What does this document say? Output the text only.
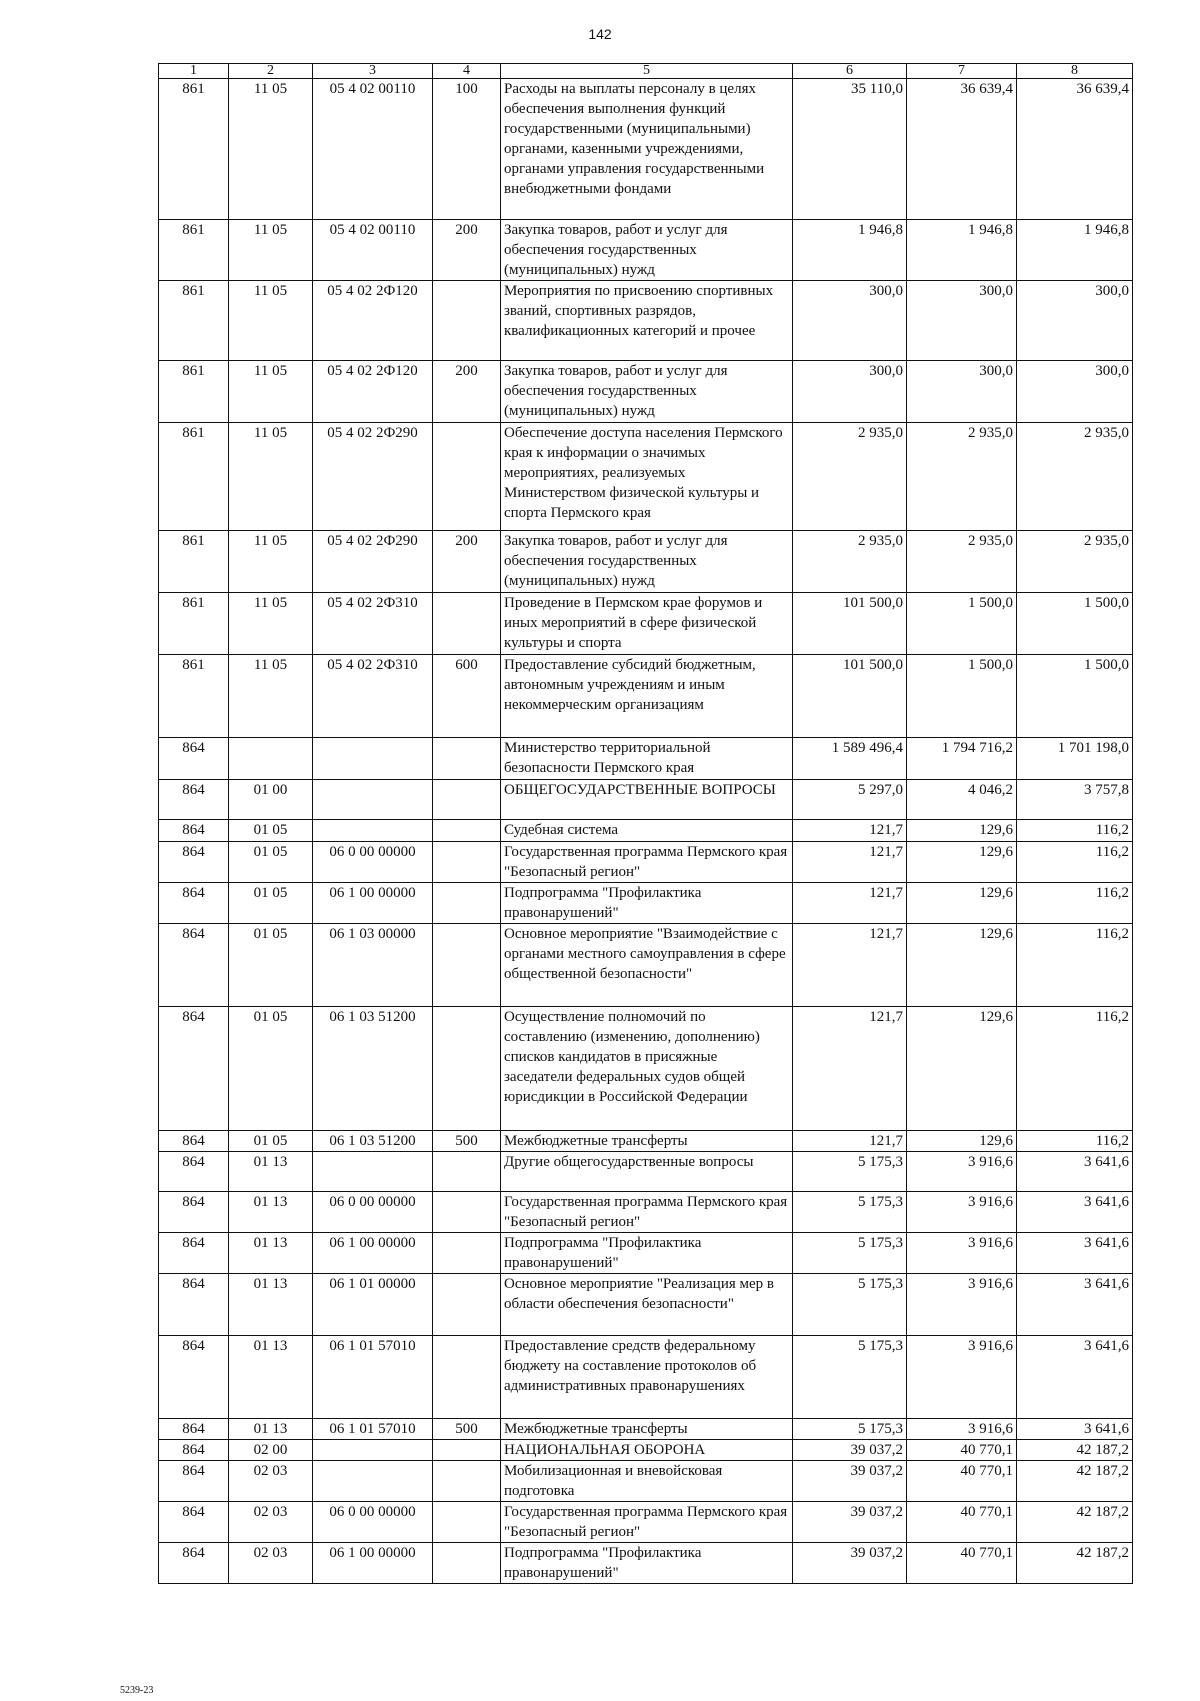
142
1	2	3	4	5	6	7	8
861	11 05	05 4 02 00110	100	Расходы на выплаты персоналу в целях обеспечения выполнения функций государственными (муниципальными) органами, казенными учреждениями, органами управления государственными внебюджетными фондами	35 110,0	36 639,4	36 639,4
861	11 05	05 4 02 00110	200	Закупка товаров, работ и услуг для обеспечения государственных (муниципальных) нужд	1 946,8	1 946,8	1 946,8
861	11 05	05 4 02 2Ф120		Мероприятия по присвоению спортивных званий, спортивных разрядов, квалификационных категорий и прочее	300,0	300,0	300,0
861	11 05	05 4 02 2Ф120	200	Закупка товаров, работ и услуг для обеспечения государственных (муниципальных) нужд	300,0	300,0	300,0
861	11 05	05 4 02 2Ф290		Обеспечение доступа населения Пермского края к информации о значимых мероприятиях, реализуемых Министерством физической культуры и спорта Пермского края	2 935,0	2 935,0	2 935,0
861	11 05	05 4 02 2Ф290	200	Закупка товаров, работ и услуг для обеспечения государственных (муниципальных) нужд	2 935,0	2 935,0	2 935,0
861	11 05	05 4 02 2Ф310		Проведение в Пермском крае форумов и иных мероприятий в сфере физической культуры и спорта	101 500,0	1 500,0	1 500,0
861	11 05	05 4 02 2Ф310	600	Предоставление субсидий бюджетным, автономным учреждениям и иным некоммерческим организациям	101 500,0	1 500,0	1 500,0
864				Министерство территориальной безопасности Пермского края	1 589 496,4	1 794 716,2	1 701 198,0
864	01 00			ОБЩЕГОСУДАРСТВЕННЫЕ ВОПРОСЫ	5 297,0	4 046,2	3 757,8
864	01 05			Судебная система	121,7	129,6	116,2
864	01 05	06 0 00 00000		Государственная программа Пермского края "Безопасный регион"	121,7	129,6	116,2
864	01 05	06 1 00 00000		Подпрограмма "Профилактика правонарушений"	121,7	129,6	116,2
864	01 05	06 1 03 00000		Основное мероприятие "Взаимодействие с органами местного самоуправления в сфере общественной безопасности"	121,7	129,6	116,2
864	01 05	06 1 03 51200		Осуществление полномочий по составлению (изменению, дополнению) списков кандидатов в присяжные заседатели федеральных судов общей юрисдикции в Российской Федерации	121,7	129,6	116,2
864	01 05	06 1 03 51200	500	Межбюджетные трансферты	121,7	129,6	116,2
864	01 13			Другие общегосударственные вопросы	5 175,3	3 916,6	3 641,6
864	01 13	06 0 00 00000		Государственная программа Пермского края "Безопасный регион"	5 175,3	3 916,6	3 641,6
864	01 13	06 1 00 00000		Подпрограмма "Профилактика правонарушений"	5 175,3	3 916,6	3 641,6
864	01 13	06 1 01 00000		Основное мероприятие "Реализация мер в области обеспечения безопасности"	5 175,3	3 916,6	3 641,6
864	01 13	06 1 01 57010		Предоставление средств федеральному бюджету на составление протоколов об административных правонарушениях	5 175,3	3 916,6	3 641,6
864	01 13	06 1 01 57010	500	Межбюджетные трансферты	5 175,3	3 916,6	3 641,6
864	02 00			НАЦИОНАЛЬНАЯ ОБОРОНА	39 037,2	40 770,1	42 187,2
864	02 03			Мобилизационная и вневойсковая подготовка	39 037,2	40 770,1	42 187,2
864	02 03	06 0 00 00000		Государственная программа Пермского края "Безопасный регион"	39 037,2	40 770,1	42 187,2
864	02 03	06 1 00 00000		Подпрограмма "Профилактика правонарушений"	39 037,2	40 770,1	42 187,2
5239-23
